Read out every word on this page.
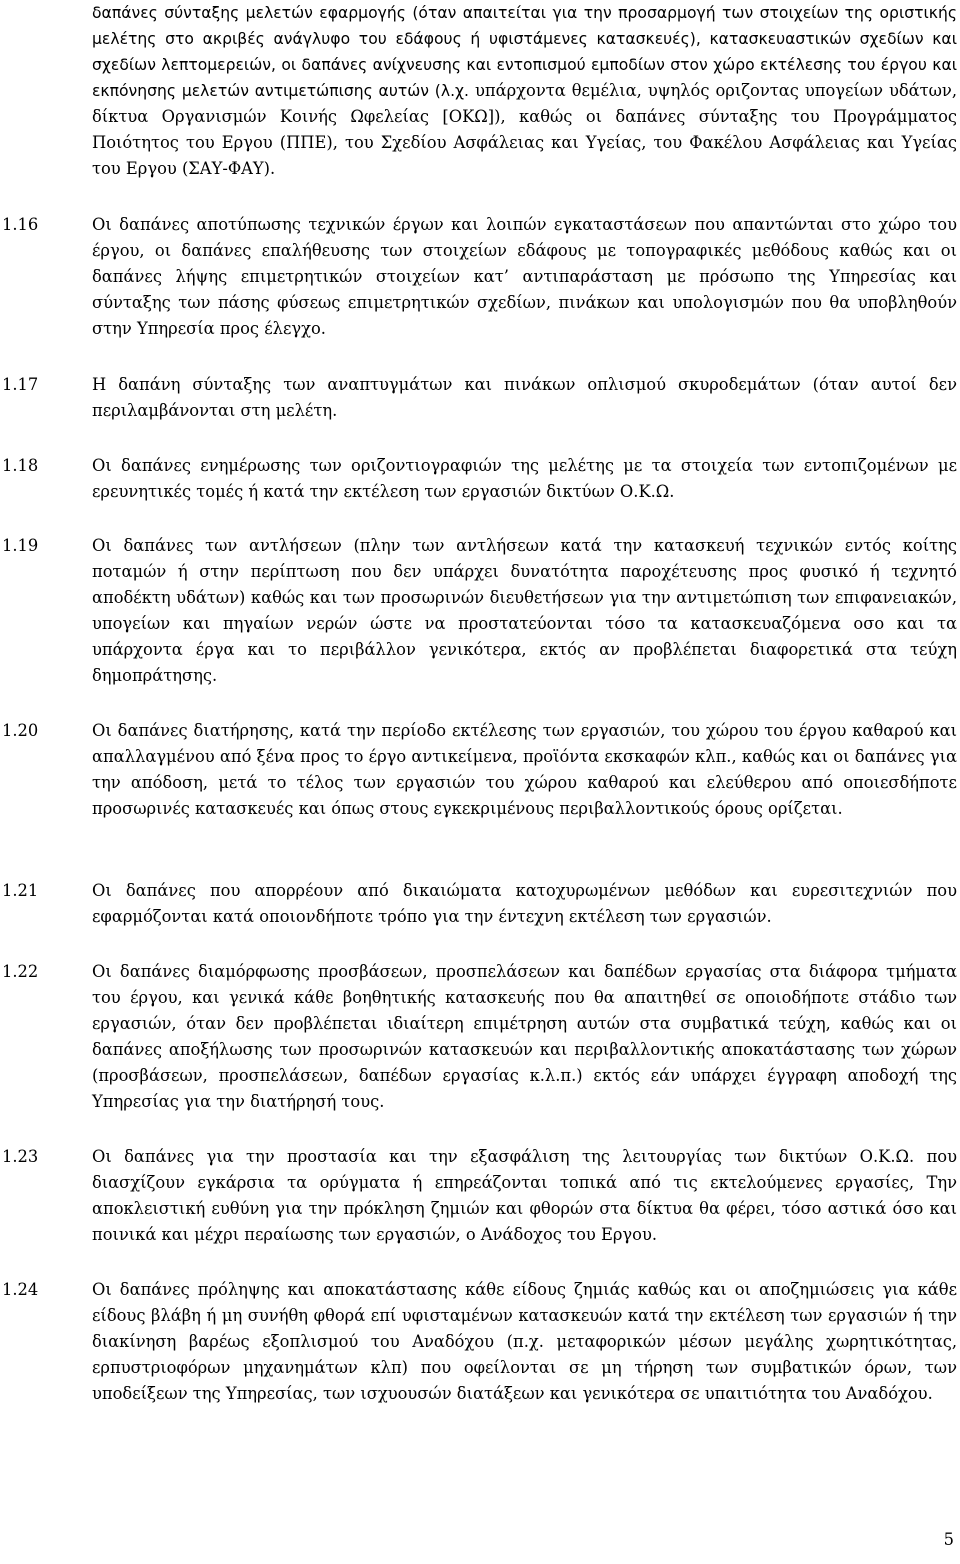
δαπάνες σύνταξης μελετών εφαρμογής (όταν απαιτείται για την προσαρμογή των στοιχείων της οριστικής μελέτης στο ακριβές ανάγλυφο του εδάφους ή υφιστάμενες κατασκευές), κατασκευαστικών σχεδίων και σχεδίων λεπτομερειών, οι δαπάνες ανίχνευσης και εντοπισμού εμποδίων στον χώρο εκτέλεσης του έργου και εκπόνησης μελετών αντιμετώπισης αυτών (λ.χ. υπάρχοντα θεμέλια, υψηλός οριζοντας υπογείων υδάτων, δίκτυα Οργανισμών Κοινής Ωφελείας [ΟΚΩ]), καθώς οι δαπάνες σύνταξης του Προγράμματος Ποιότητος του Εργου (ΠΠΕ), του Σχεδίου Ασφάλειας και Υγείας, του Φακέλου Ασφάλειας και Υγείας του Εργου (ΣΑΥ-ΦΑΥ).
1.16	Οι δαπάνες αποτύπωσης τεχνικών έργων και λοιπών εγκαταστάσεων που απαντώνται στο χώρο του έργου, οι δαπάνες επαλήθευσης των στοιχείων εδάφους με τοπογραφικές μεθόδους καθώς και οι δαπάνες λήψης επιμετρητικών στοιχείων κατ’ αντιπαράσταση με πρόσωπο της Υπηρεσίας και σύνταξης των πάσης φύσεως επιμετρητικών σχεδίων, πινάκων και υπολογισμών που θα υποβληθούν στην Υπηρεσία προς έλεγχο.
1.17	Η δαπάνη σύνταξης των αναπτυγμάτων και πινάκων οπλισμού σκυροδεμάτων (όταν αυτοί δεν περιλαμβάνονται στη μελέτη.
1.18	Οι δαπάνες ενημέρωσης των οριζοντιογραφιών της μελέτης με τα στοιχεία των εντοπιζομένων με ερευνητικές τομές ή κατά την εκτέλεση των εργασιών δικτύων Ο.Κ.Ω.
1.19	Οι δαπάνες των αντλήσεων (πλην των αντλήσεων κατά την κατασκευή τεχνικών εντός κοίτης ποταμών ή στην περίπτωση που δεν υπάρχει δυνατότητα παροχέτευσης προς φυσικό ή τεχνητό αποδέκτη υδάτων) καθώς και των προσωρινών διευθετήσεων για την αντιμετώπιση των επιφανειακών, υπογείων και πηγαίων νερών ώστε να προστατεύονται τόσο τα κατασκευαζόμενα οσο και τα υπάρχοντα έργα και το περιβάλλον γενικότερα, εκτός αν προβλέπεται διαφορετικά στα τεύχη δημοπράτησης.
1.20	Οι δαπάνες διατήρησης, κατά την περίοδο εκτέλεσης των εργασιών, του χώρου του έργου καθαρού και απαλλαγμένου από ξένα προς το έργο αντικείμενα, προϊόντα εκσκαφών κλπ., καθώς και οι δαπάνες για την απόδοση, μετά το τέλος των εργασιών του χώρου καθαρού και ελεύθερου από οποιεσδήποτε προσωρινές κατασκευές και όπως στους εγκεκριμένους περιβαλλοντικούς όρους ορίζεται.
1.21	Οι δαπάνες που απορρέουν από δικαιώματα κατοχυρωμένων μεθόδων και ευρεσιτεχνιών που εφαρμόζονται κατά οποιονδήποτε τρόπο για την έντεχνη εκτέλεση των εργασιών.
1.22	Οι δαπάνες διαμόρφωσης προσβάσεων, προσπελάσεων και δαπέδων εργασίας στα διάφορα τμήματα του έργου, και γενικά κάθε βοηθητικής κατασκευής που θα απαιτηθεί σε οποιοδήποτε στάδιο των εργασιών, όταν δεν προβλέπεται ιδιαίτερη επιμέτρηση αυτών στα συμβατικά τεύχη, καθώς και οι δαπάνες αποξήλωσης των προσωρινών κατασκευών και περιβαλλοντικής αποκατάστασης των χώρων (προσβάσεων, προσπελάσεων, δαπέδων εργασίας κ.λ.π.) εκτός εάν υπάρχει έγγραφη αποδοχή της Υπηρεσίας για την διατήρησή τους.
1.23	Οι δαπάνες για την προστασία και την εξασφάλιση της λειτουργίας των δικτύων Ο.Κ.Ω. που διασχίζουν εγκάρσια τα ορύγματα ή επηρεάζονται τοπικά από τις εκτελούμενες εργασίες, Την αποκλειστική ευθύνη για την πρόκληση ζημιών και φθορών στα δίκτυα θα φέρει, τόσο αστικά όσο και ποινικά και μέχρι περαίωσης των εργασιών, ο Ανάδοχος του Εργου.
1.24	Οι δαπάνες πρόληψης και αποκατάστασης κάθε είδους ζημιάς καθώς και οι αποζημιώσεις για κάθε είδους βλάβη ή μη συνήθη φθορά επί υφισταμένων κατασκευών κατά την εκτέλεση των εργασιών ή την διακίνηση βαρέως εξοπλισμού του Αναδόχου (π.χ. μεταφορικών μέσων μεγάλης χωρητικότητας, ερπυστριοφόρων μηχανημάτων κλπ) που οφείλονται σε μη τήρηση των συμβατικών όρων, των υποδείξεων της Υπηρεσίας, των ισχυουσών διατάξεων και γενικότερα σε υπαιτιότητα του Αναδόχου.
5
